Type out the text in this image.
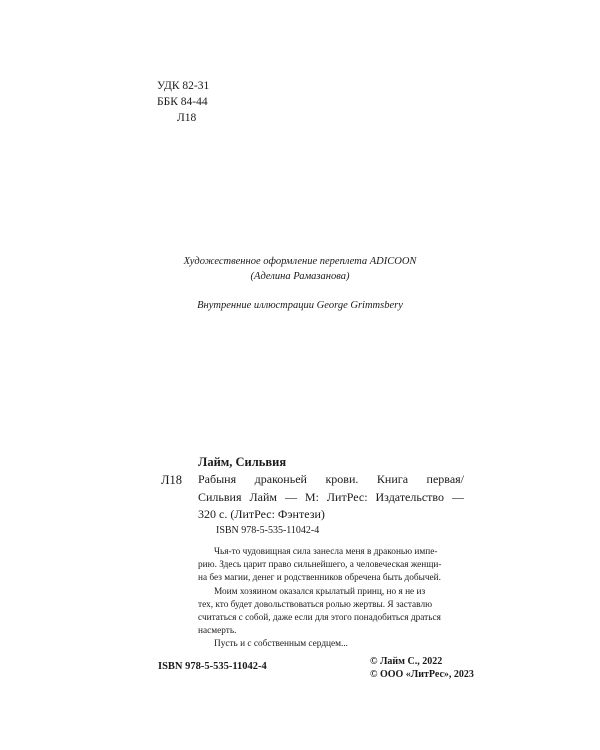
УДК 82-31
ББК 84-44
Л18
Художественное оформление переплета ADICOON
(Аделина Рамазанова)
Внутренние иллюстрации George Grimmsbery
Лайм, Сильвия
Л18 Рабыня драконьей крови. Книга первая/
Сильвия Лайм — М: ЛитРес: Издательство —
320 с. (ЛитРес: Фэнтези)
ISBN 978-5-535-11042-4
Чья-то чудовищная сила занесла меня в драконью импе-
рию. Здесь царит право сильнейшего, а человеческая женщи-
на без магии, денег и родственников обречена быть добычей.
Моим хозяином оказался крылатый принц, но я не из
тех, кто будет довольствоваться ролью жертвы. Я заставлю
считаться с собой, даже если для этого понадобиться драться
насмерть.
Пусть и с собственным сердцем...
ISBN 978-5-535-11042-4	© Лайм С., 2022
© ООО «ЛитРес», 2023
